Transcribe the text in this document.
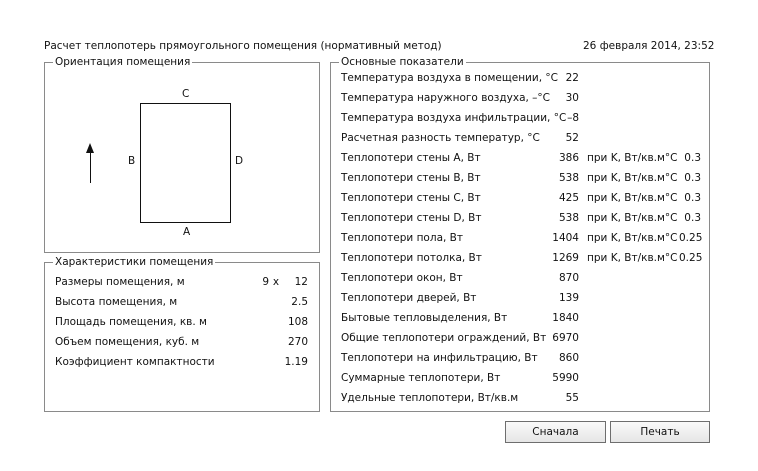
Расчет теплопотерь прямоугольного помещения (нормативный метод)	26 февраля 2014, 23:52
Ориентация помещения
C
B	D
A
Характеристики помещения
Размеры помещения, м	9 x	12
Высота помещения, м	2.5
Площадь помещения, кв. м	108
Объем помещения, куб. м	270
Коэффициент компактности	1.19
Основные показатели
Температура воздуха в помещении, °С 22
Температура наружного воздуха, –°С	30
Температура воздуха инфильтрации, °С –8
Расчетная разность температур, °С	52
Теплопотери стены A, Вт	386 при K, Вт/кв.м°С 0.3
Теплопотери стены B, Вт	538 при K, Вт/кв.м°С 0.3
Теплопотери стены C, Вт	425 при K, Вт/кв.м°С 0.3
Теплопотери стены D, Вт	538 при K, Вт/кв.м°С 0.3
Теплопотери пола, Вт	1404 при K, Вт/кв.м°С 0.25
Теплопотери потолка, Вт	1269 при K, Вт/кв.м°С 0.25
Теплопотери окон, Вт	870
Теплопотери дверей, Вт	139
Бытовые тепловыделения, Вт	1840
Общие теплопотери ограждений, Вт 6970
Теплопотери на инфильтрацию, Вт	860
Суммарные теплопотери, Вт	5990
Удельные теплопотери, Вт/кв.м	55
Сначала	Печать
